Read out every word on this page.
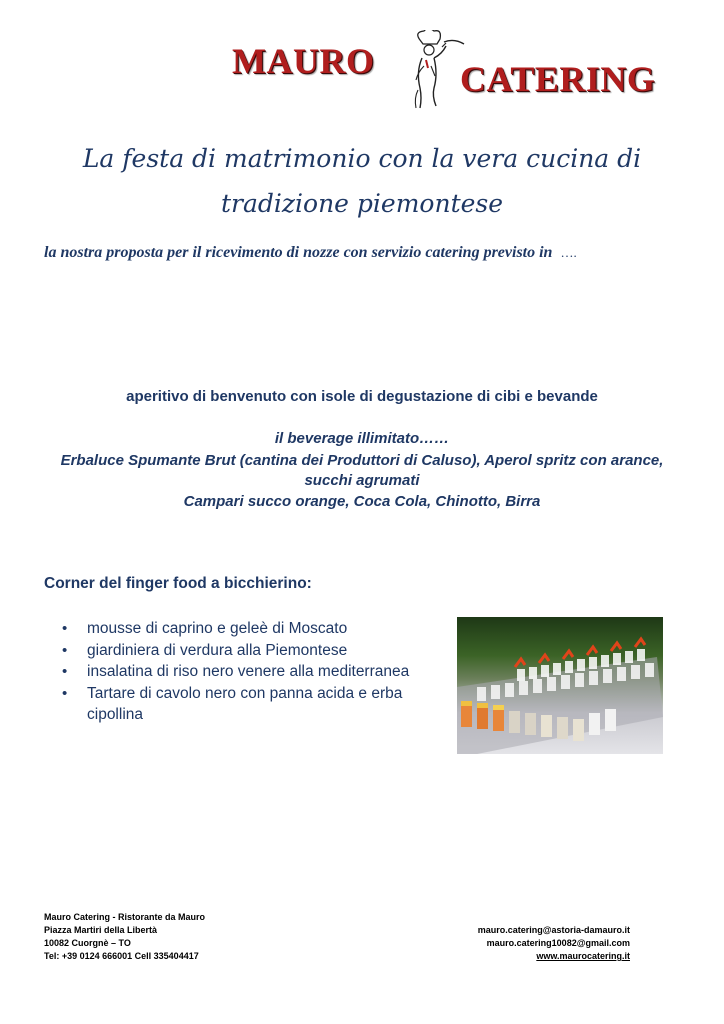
MAURO CATERING
La festa di matrimonio con la vera cucina di
tradizione piemontese
la nostra proposta per il ricevimento di nozze con servizio catering previsto in ….
aperitivo di benvenuto con isole di degustazione di cibi e bevande
il beverage illimitato……
Erbaluce Spumante Brut (cantina dei Produttori di Caluso), Aperol spritz con arance,
succhi agrumati
Campari succo orange, Coca Cola, Chinotto, Birra
Corner del finger food a bicchierino:
• mousse di caprino e geleè di Moscato
• giardiniera di verdura alla Piemontese
• insalatina di riso nero venere alla mediterranea
• Tartare di cavolo nero con panna acida e erba cipollina
Mauro Catering - Ristorante da Mauro
Piazza Martiri della Libertà
10082 Cuorgnè – TO
Tel: +39 0124 666001 Cell 335404417
mauro.catering@astoria-damauro.it
mauro.catering10082@gmail.com
www.maurocatering.it
